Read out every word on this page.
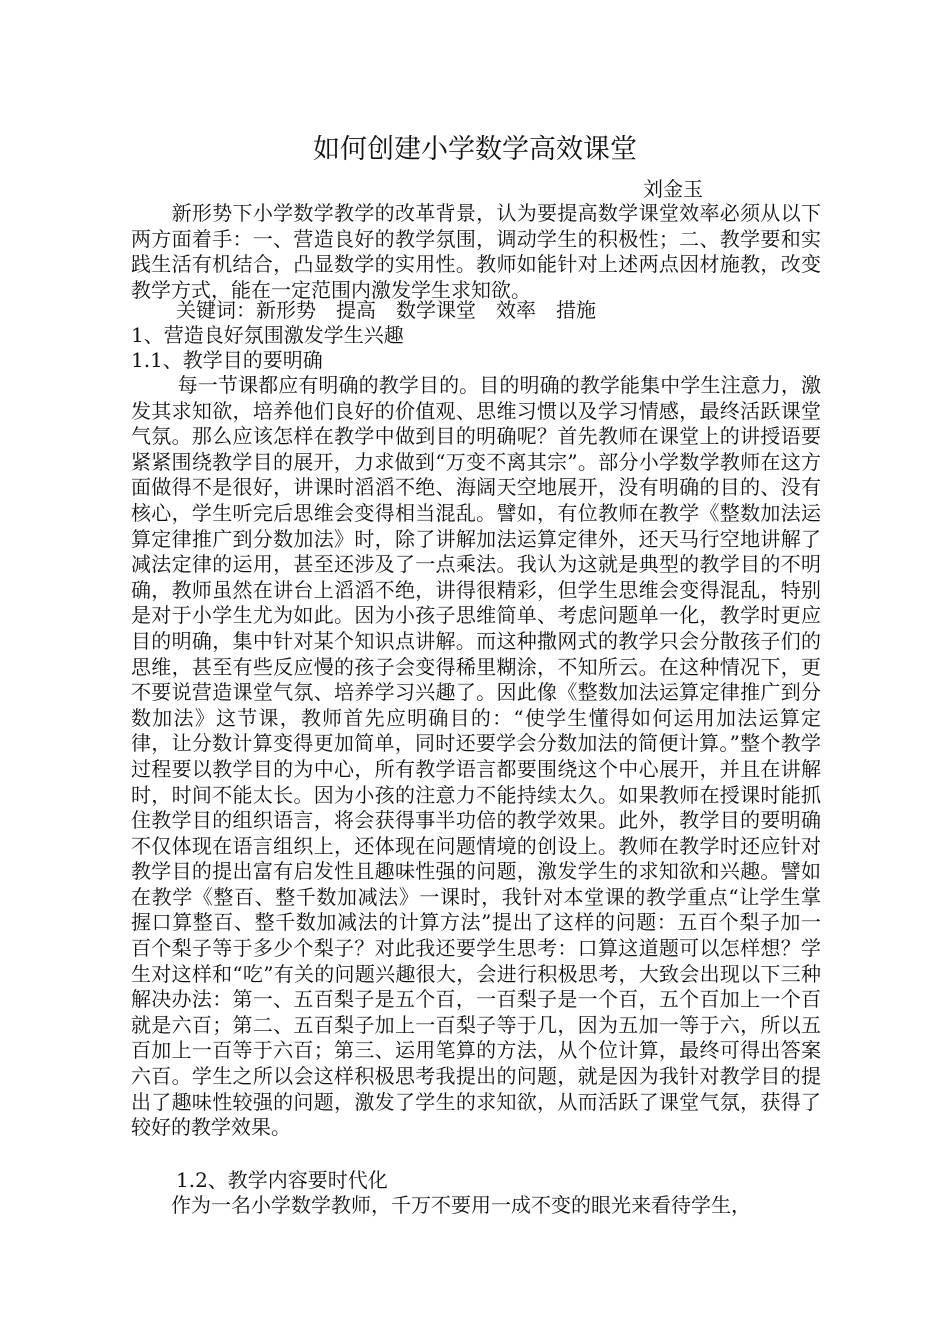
如何创建小学数学高效课堂
刘金玉
　　新形势下小学数学教学的改革背景，认为要提高数学课堂效率必须从以下两方面着手：一、营造良好的教学氛围，调动学生的积极性；二、教学要和实践生活有机结合，凸显数学的实用性。教师如能针对上述两点因材施教，改变教学方式，能在一定范围内激发学生求知欲。
关键词：新形势　提高　数学课堂　效率　措施
1、营造良好氛围激发学生兴趣
1.1、教学目的要明确
　　 每一节课都应有明确的教学目的。目的明确的教学能集中学生注意力，激发其求知欲，培养他们良好的价值观、思维习惯以及学习情感，最终活跃课堂气氛。那么应该怎样在教学中做到目的明确呢？首先教师在课堂上的讲授语要紧紧围绕教学目的展开，力求做到“万变不离其宗”。部分小学数学教师在这方面做得不是很好，讲课时滔滔不绝、海阔天空地展开，没有明确的目的、没有核心，学生听完后思维会变得相当混乱。譬如，有位教师在教学《整数加法运算定律推广到分数加法》时，除了讲解加法运算定律外，还天马行空地讲解了减法定律的运用，甚至还涉及了一点乘法。我认为这就是典型的教学目的不明确，教师虽然在讲台上滔滔不绝，讲得很精彩，但学生思维会变得混乱，特别是对于小学生尤为如此。因为小孩子思维简单、考虑问题单一化，教学时更应目的明确，集中针对某个知识点讲解。而这种撒网式的教学只会分散孩子们的思维，甚至有些反应慢的孩子会变得稀里糊涂，不知所云。在这种情况下，更不要说营造课堂气氛、培养学习兴趣了。因此像《整数加法运算定律推广到分数加法》这节课，教师首先应明确目的：“使学生懂得如何运用加法运算定律，让分数计算变得更加简单，同时还要学会分数加法的简便计算。”整个教学过程要以教学目的为中心，所有教学语言都要围绕这个中心展开，并且在讲解时，时间不能太长。因为小孩的注意力不能持续太久。如果教师在授课时能抓住教学目的组织语言，将会获得事半功倍的教学效果。此外，教学目的要明确不仅体现在语言组织上，还体现在问题情境的创设上。教师在教学时还应针对教学目的提出富有启发性且趣味性强的问题，激发学生的求知欲和兴趣。譬如在教学《整百、整千数加减法》一课时，我针对本堂课的教学重点“让学生掌握口算整百、整千数加减法的计算方法”提出了这样的问题：五百个梨子加一百个梨子等于多少个梨子？对此我还要学生思考：口算这道题可以怎样想？学生对这样和“吃”有关的问题兴趣很大，会进行积极思考，大致会出现以下三种解决办法：第一、五百梨子是五个百，一百梨子是一个百，五个百加上一个百就是六百；第二、五百梨子加上一百梨子等于几，因为五加一等于六，所以五百加上一百等于六百；第三、运用笔算的方法，从个位计算，最终可得出答案六百。学生之所以会这样积极思考我提出的问题，就是因为我针对教学目的提出了趣味性较强的问题，激发了学生的求知欲，从而活跃了课堂气氛，获得了较好的教学效果。
1.2、教学内容要时代化
　　作为一名小学数学教师，千万不要用一成不变的眼光来看待学生，
